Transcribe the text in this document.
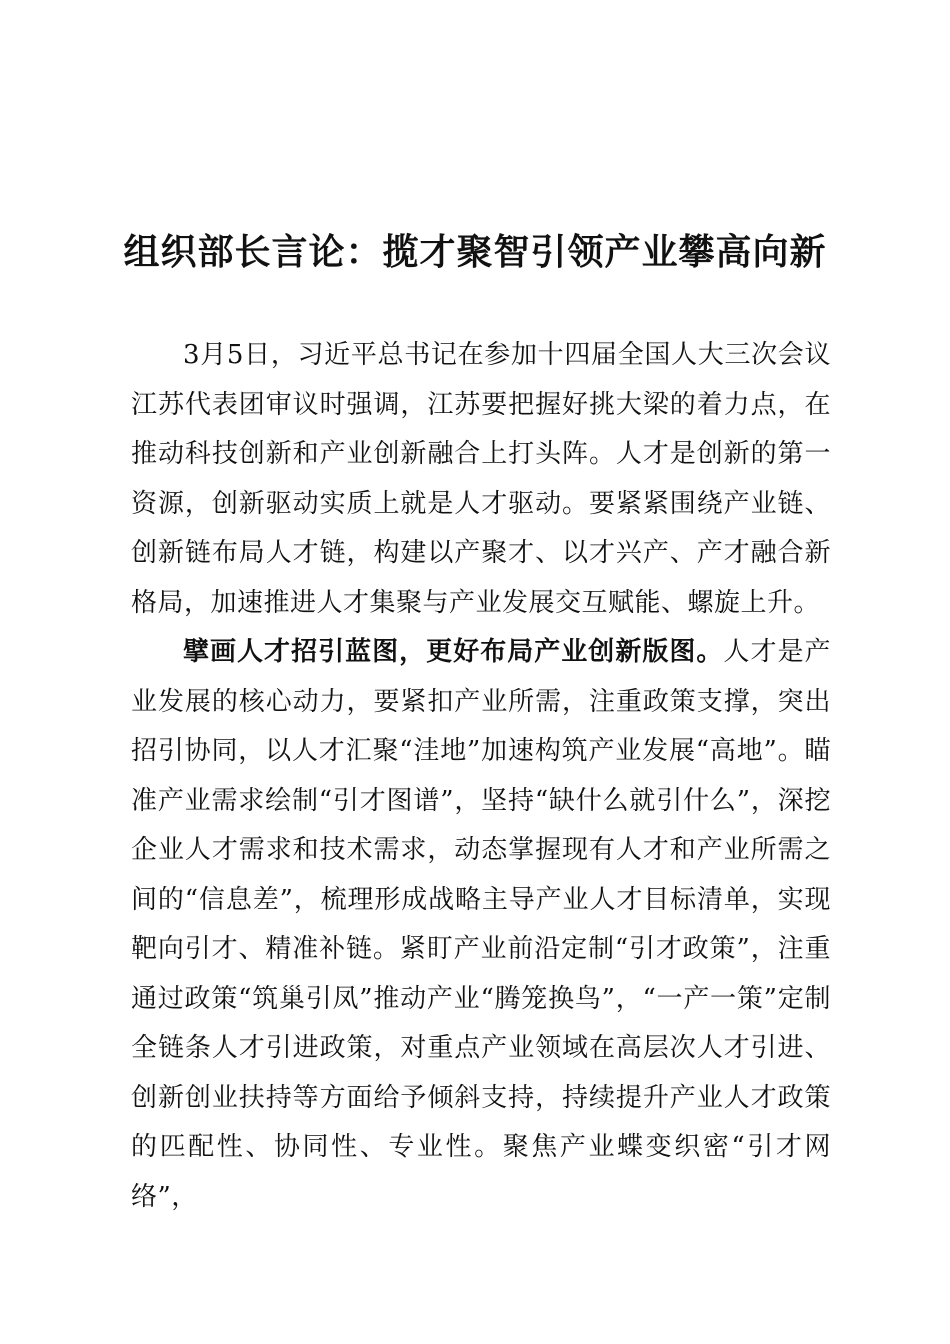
组织部长言论：揽才聚智引领产业攀高向新

3月5日，习近平总书记在参加十四届全国人大三次会议江苏代表团审议时强调，江苏要把握好挑大梁的着力点，在推动科技创新和产业创新融合上打头阵。人才是创新的第一资源，创新驱动实质上就是人才驱动。要紧紧围绕产业链、创新链布局人才链，构建以产聚才、以才兴产、产才融合新格局，加速推进人才集聚与产业发展交互赋能、螺旋上升。

擘画人才招引蓝图，更好布局产业创新版图。人才是产业发展的核心动力，要紧扣产业所需，注重政策支撑，突出招引协同，以人才汇聚“洼地”加速构筑产业发展“高地”。瞄准产业需求绘制“引才图谱”，坚持“缺什么就引什么”，深挖企业人才需求和技术需求，动态掌握现有人才和产业所需之间的“信息差”，梳理形成战略主导产业人才目标清单，实现靶向引才、精准补链。紧盯产业前沿定制“引才政策”，注重通过政策“筑巢引凤”推动产业“腾笼换鸟”，“一产一策”定制全链条人才引进政策，对重点产业领域在高层次人才引进、创新创业扶持等方面给予倾斜支持，持续提升产业人才政策的匹配性、协同性、专业性。聚焦产业蝶变织密“引才网络”，
